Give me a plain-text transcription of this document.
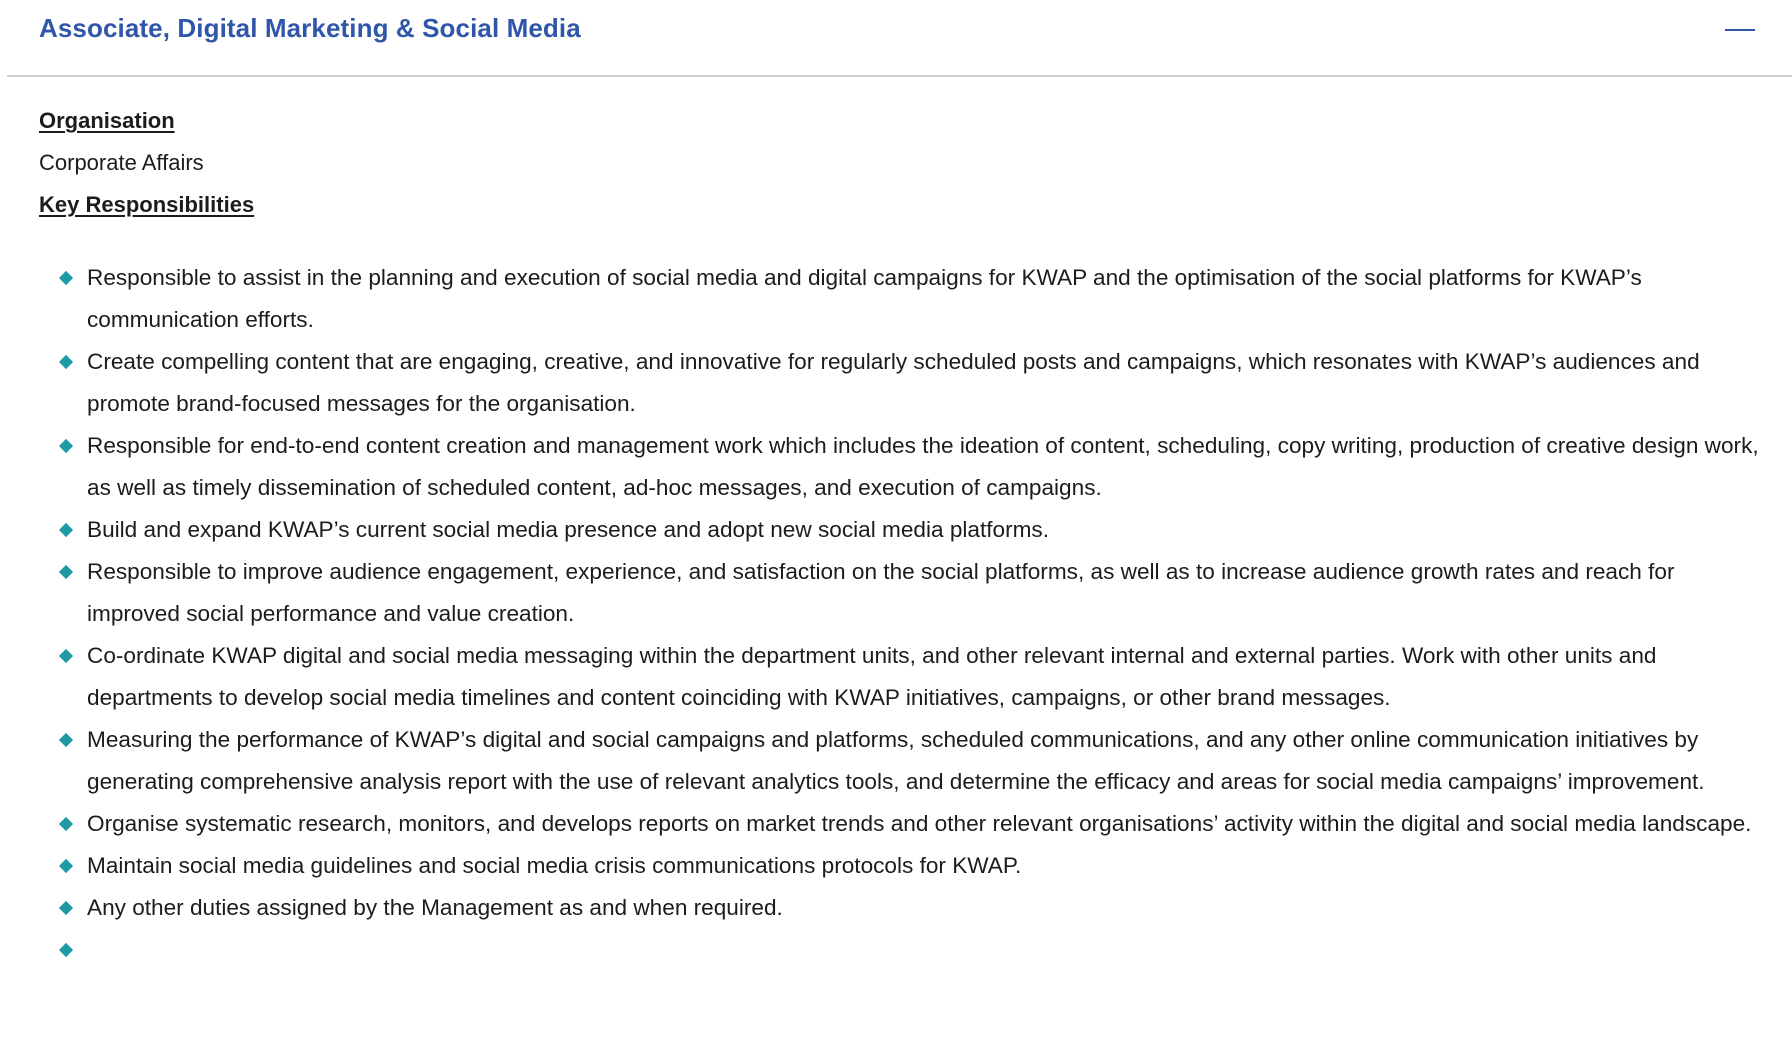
Associate, Digital Marketing & Social Media
Organisation
Corporate Affairs
Key Responsibilities
Responsible to assist in the planning and execution of social media and digital campaigns for KWAP and the optimisation of the social platforms for KWAP’s communication efforts.
Create compelling content that are engaging, creative, and innovative for regularly scheduled posts and campaigns, which resonates with KWAP’s audiences and promote brand-focused messages for the organisation.
Responsible for end-to-end content creation and management work which includes the ideation of content, scheduling, copy writing, production of creative design work, as well as timely dissemination of scheduled content, ad-hoc messages, and execution of campaigns.
Build and expand KWAP’s current social media presence and adopt new social media platforms.
Responsible to improve audience engagement, experience, and satisfaction on the social platforms, as well as to increase audience growth rates and reach for improved social performance and value creation.
Co-ordinate KWAP digital and social media messaging within the department units, and other relevant internal and external parties. Work with other units and departments to develop social media timelines and content coinciding with KWAP initiatives, campaigns, or other brand messages.
Measuring the performance of KWAP’s digital and social campaigns and platforms, scheduled communications, and any other online communication initiatives by generating comprehensive analysis report with the use of relevant analytics tools, and determine the efficacy and areas for social media campaigns’ improvement.
Organise systematic research, monitors, and develops reports on market trends and other relevant organisations’ activity within the digital and social media landscape.
Maintain social media guidelines and social media crisis communications protocols for KWAP.
Any other duties assigned by the Management as and when required.
